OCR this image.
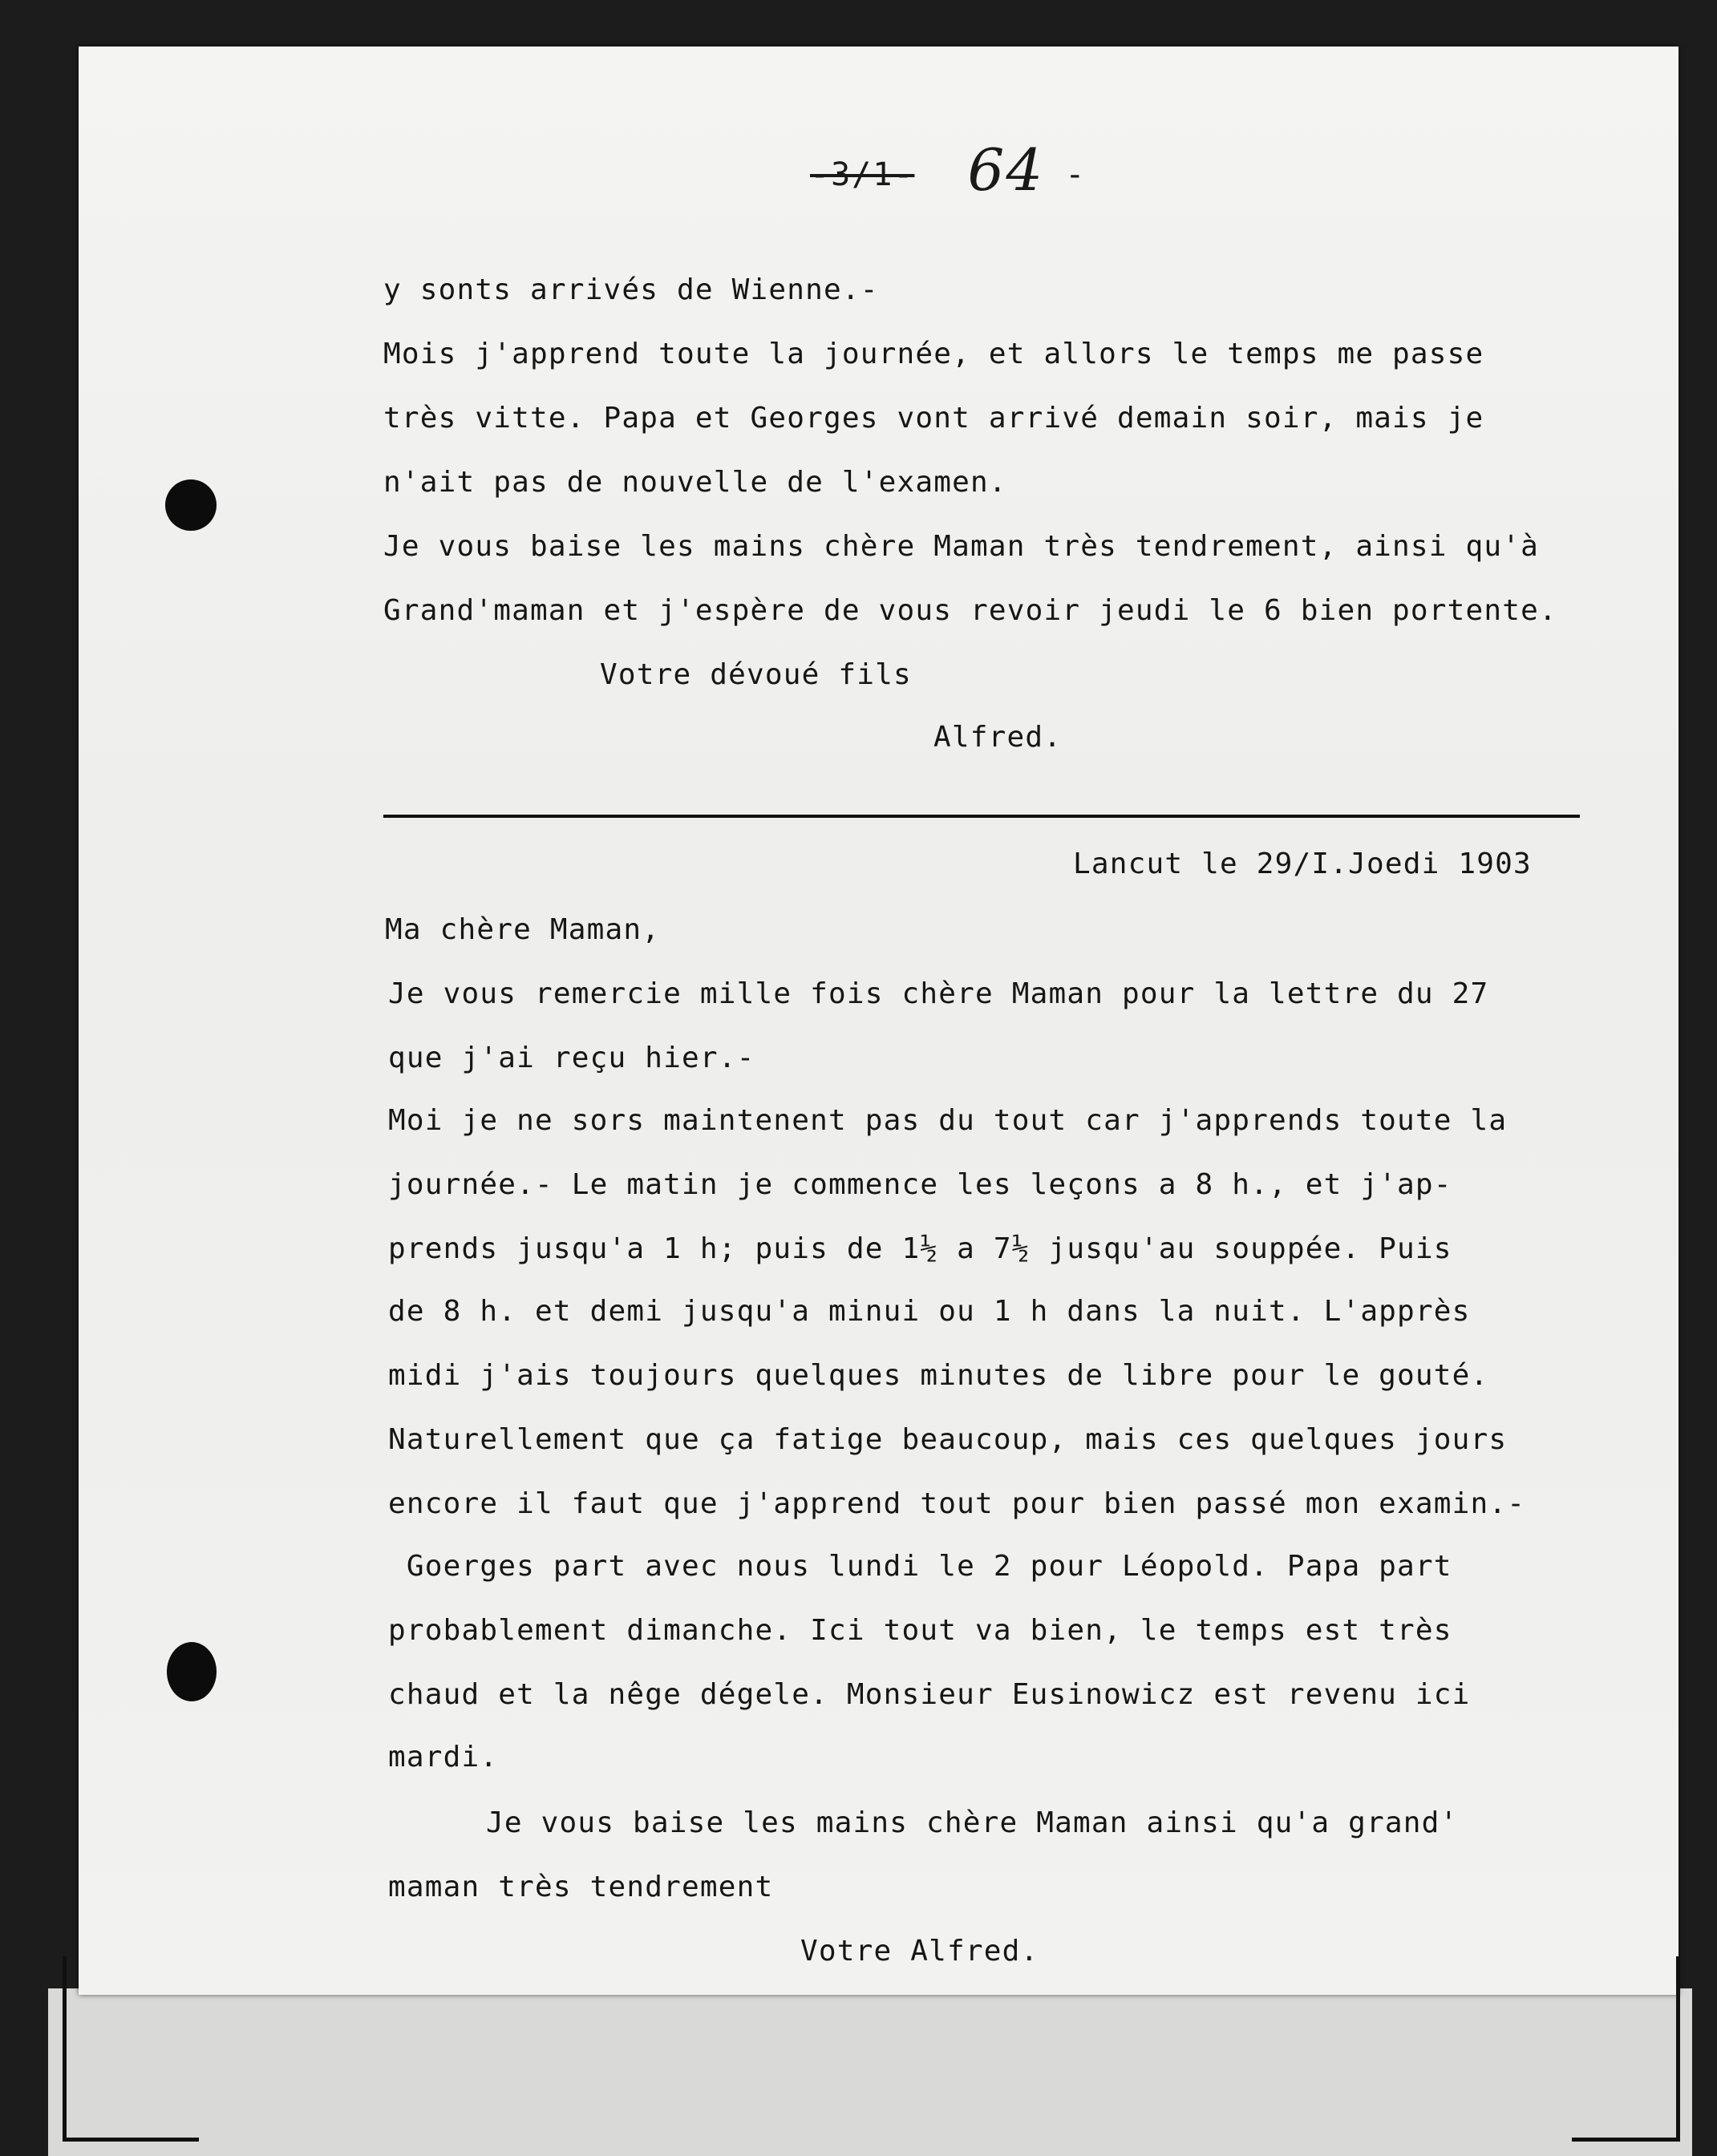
-3/1- 64 -
y sonts arrivés de Wienne.-
Mois j'apprend toute la journée, et allors le temps me passe
très vitte. Papa et Georges vont arrivé demain soir, mais je
n'ait pas de nouvelle de l'examen.
Je vous baise les mains chère Maman très tendrement, ainsi qu'à
Grand'maman et j'espère de vous revoir jeudi le 6 bien portente.
Votre dévoué fils
Alfred.
Lancut le 29/I.Joedi 1903
Ma chère Maman,
Je vous remercie mille fois chère Maman pour la lettre du 27
que j'ai reçu hier.-
Moi je ne sors maintenent pas du tout car j'apprends toute la
journée.- Le matin je commence les leçons a 8 h., et j'ap-
prends jusqu'a 1 h; puis de 1½ a 7½ jusqu'au souppée. Puis
de 8 h. et demi jusqu'a minui ou 1 h dans la nuit. L'apprès
midi j'ais toujours quelques minutes de libre pour le gouté.
Naturellement que ça fatige beaucoup, mais ces quelques jours
encore il faut que j'apprend tout pour bien passé mon examin.-
Goerges part avec nous lundi le 2 pour Léopold. Papa part
probablement dimanche. Ici tout va bien, le temps est très
chaud et la nêge dégele. Monsieur Eusinowicz est revenu ici
mardi.
Je vous baise les mains chère Maman ainsi qu'a grand'
maman très tendrement
Votre Alfred.
